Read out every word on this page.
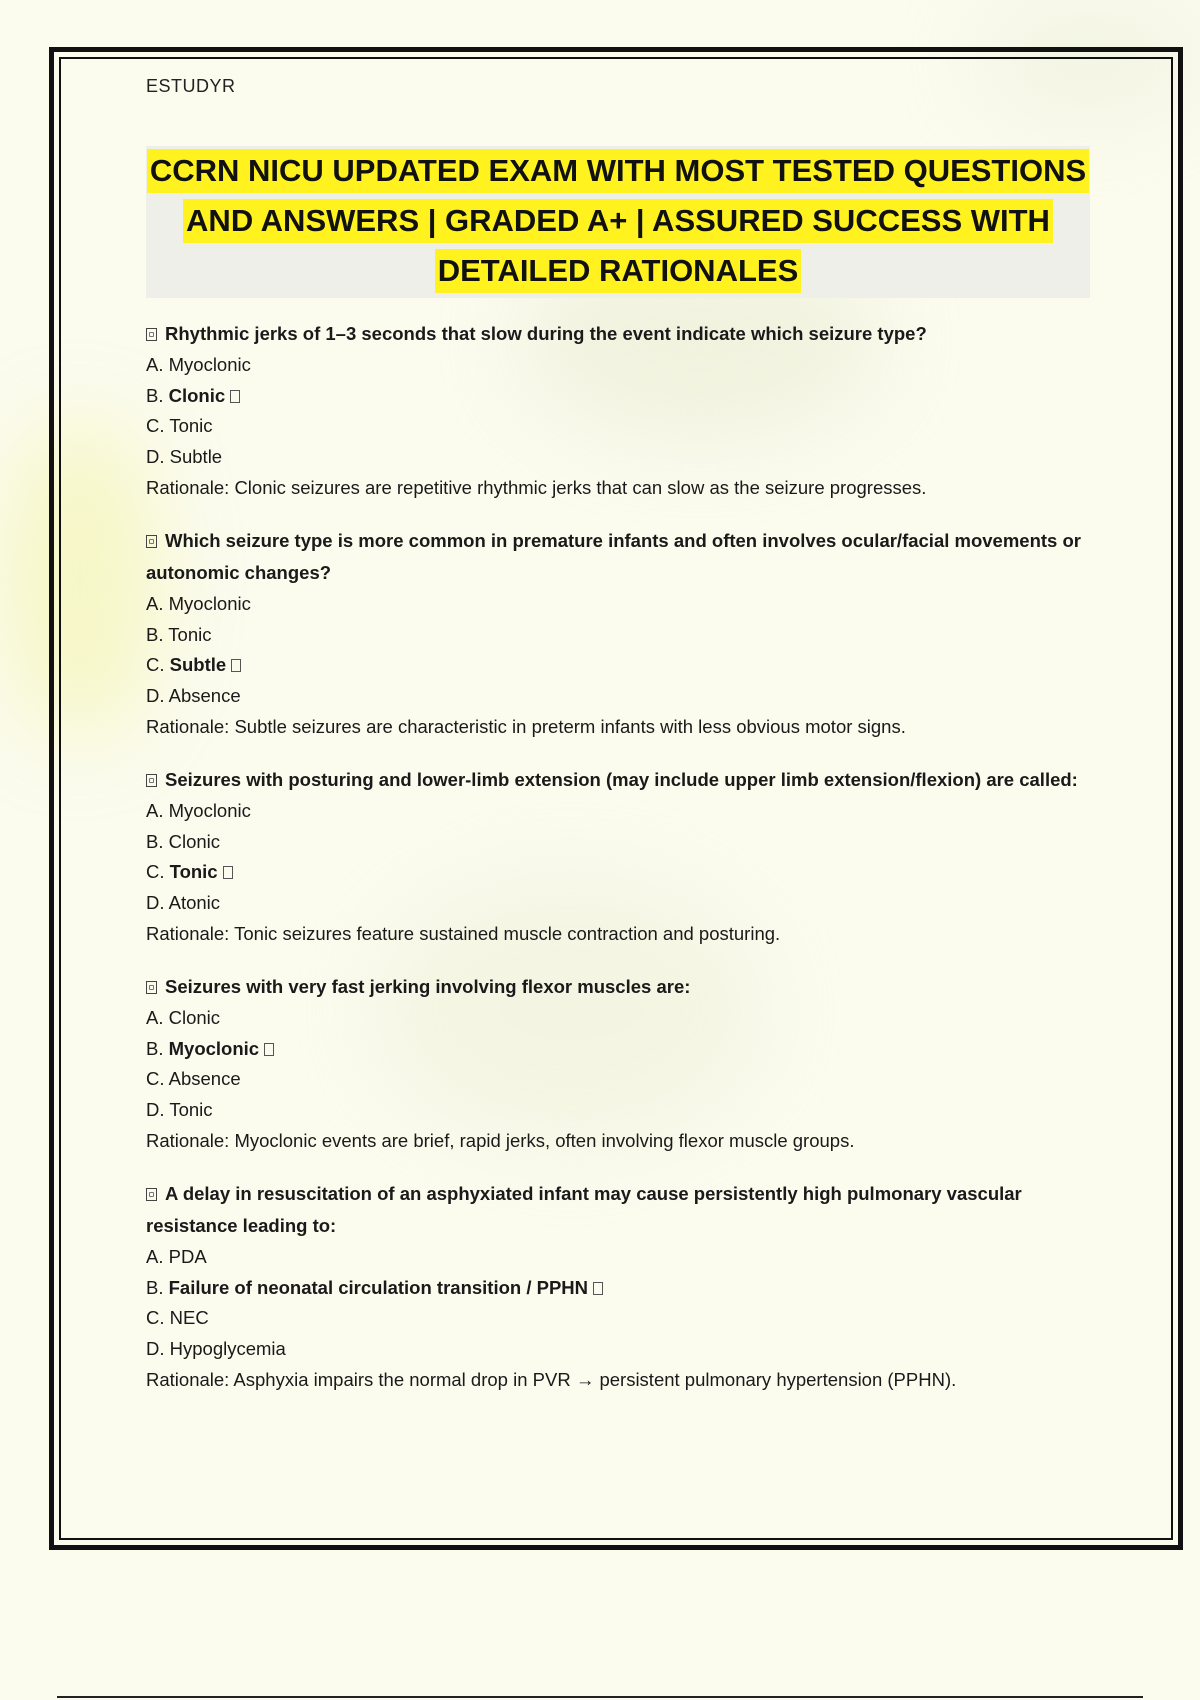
ESTUDYR
CCRN NICU UPDATED EXAM WITH MOST TESTED QUESTIONS
AND ANSWERS | GRADED A+ | ASSURED SUCCESS WITH
DETAILED RATIONALES
Rhythmic jerks of 1–3 seconds that slow during the event indicate which seizure type?
A. Myoclonic
B. Clonic
C. Tonic
D. Subtle
Rationale: Clonic seizures are repetitive rhythmic jerks that can slow as the seizure progresses.
Which seizure type is more common in premature infants and often involves ocular/facial movements or autonomic changes?
A. Myoclonic
B. Tonic
C. Subtle
D. Absence
Rationale: Subtle seizures are characteristic in preterm infants with less obvious motor signs.
Seizures with posturing and lower-limb extension (may include upper limb extension/flexion) are called:
A. Myoclonic
B. Clonic
C. Tonic
D. Atonic
Rationale: Tonic seizures feature sustained muscle contraction and posturing.
Seizures with very fast jerking involving flexor muscles are:
A. Clonic
B. Myoclonic
C. Absence
D. Tonic
Rationale: Myoclonic events are brief, rapid jerks, often involving flexor muscle groups.
A delay in resuscitation of an asphyxiated infant may cause persistently high pulmonary vascular resistance leading to:
A. PDA
B. Failure of neonatal circulation transition / PPHN
C. NEC
D. Hypoglycemia
Rationale: Asphyxia impairs the normal drop in PVR → persistent pulmonary hypertension (PPHN).
